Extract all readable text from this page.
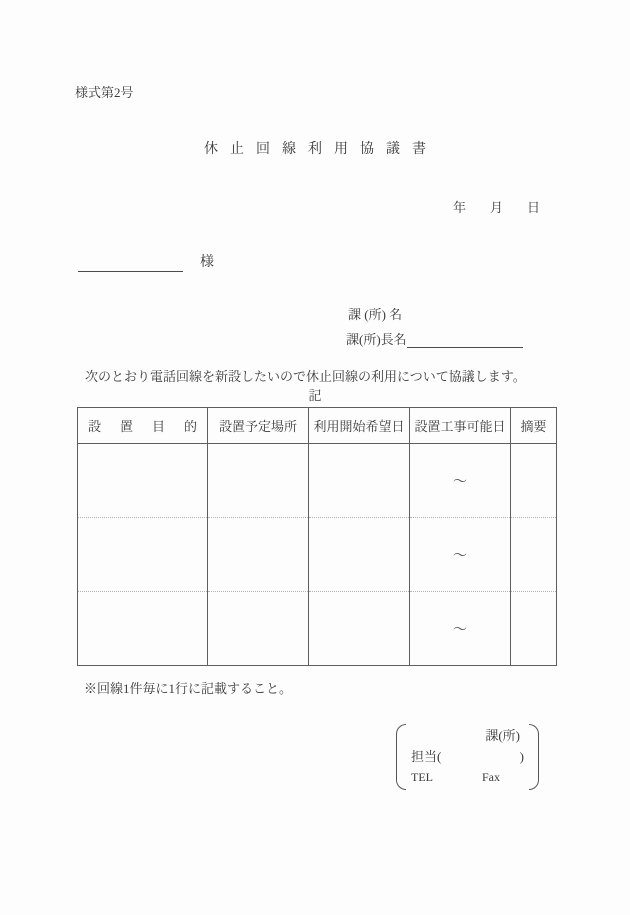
様式第2号
休止回線利用協議書
年 月 日
様
課 (所) 名
課(所)長名

次のとおり電話回線を新設したいので休止回線の利用について協議します。

記
設置目的	設置予定場所	利用開始希望日	設置工事可能日	摘要
			〜	
			〜	
			〜	
※回線1件毎に1行に記載すること。
課(所)
担当(	)
TEL	Fax
